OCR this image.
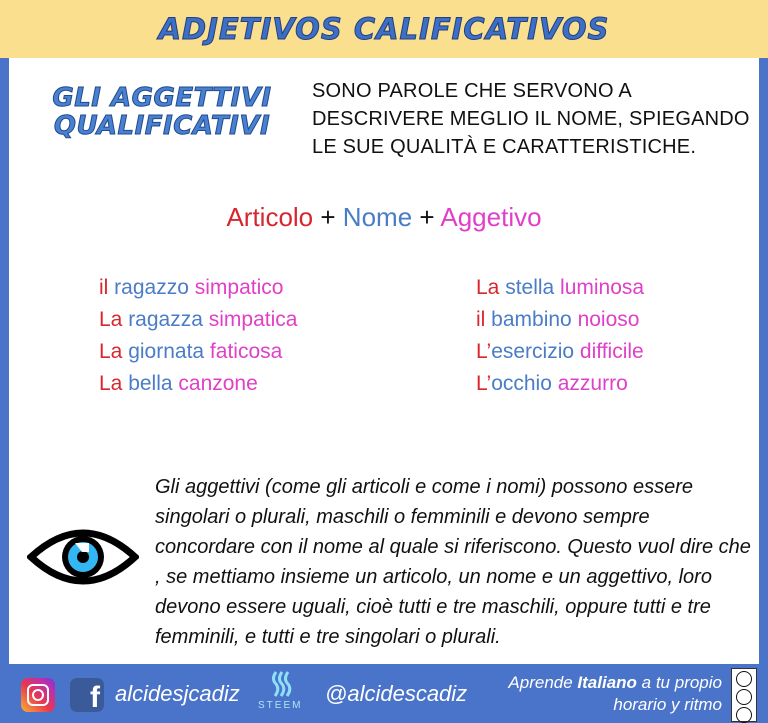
ADJETIVOS CALIFICATIVOS
GLI AGGETTIVI
QUALIFICATIVI
SONO PAROLE CHE SERVONO A DESCRIVERE MEGLIO IL NOME, SPIEGANDO LE SUE QUALITÀ E CARATTERISTICHE.
Articolo + Nome + Aggetivo
il ragazzo simpatico
La ragazza simpatica
La giornata faticosa
La bella canzone
La stella luminosa
il bambino noioso
L’esercizio difficile
L’occhio azzurro
Gli aggettivi (come gli articoli e come i nomi) possono essere singolari o plurali, maschili o femminili e devono sempre concordare con il nome al quale si riferiscono. Questo vuol dire che , se mettiamo insieme un articolo, un nome e un aggettivo, loro devono essere uguali, cioè tutti e tre maschili, oppure tutti e tre femminili, e tutti e tre singolari o plurali.
f alcidesjcadiz STEEM @alcidescadiz	Aprende Italiano a tu propio
horario y ritmo
